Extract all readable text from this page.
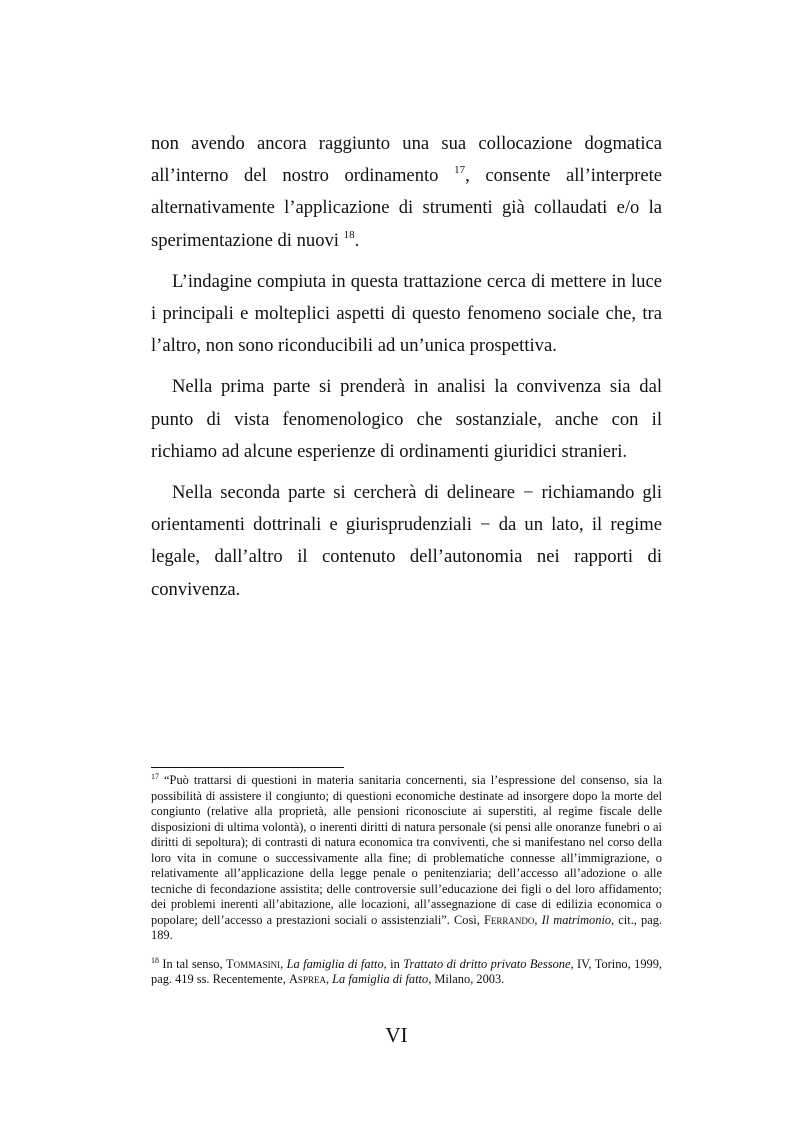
non avendo ancora raggiunto una sua collocazione dogmatica all’interno del nostro ordinamento $^{17}$, consente all’interprete alternativamente l’applicazione di strumenti già collaudati e/o la sperimentazione di nuovi $^{18}$.

L’indagine compiuta in questa trattazione cerca di mettere in luce i principali e molteplici aspetti di questo fenomeno sociale che, tra l’altro, non sono riconducibili ad un’unica prospettiva.

Nella prima parte si prenderà in analisi la convivenza sia dal punto di vista fenomenologico che sostanziale, anche con il richiamo ad alcune esperienze di ordinamenti giuridici stranieri.

Nella seconda parte si cercherà di delineare − richiamando gli orientamenti dottrinali e giurisprudenziali − da un lato, il regime legale, dall’altro il contenuto dell’autonomia nei rapporti di convivenza.

$^{17}$ “Può trattarsi di questioni in materia sanitaria concernenti, sia l’espressione del consenso, sia la possibilità di assistere il congiunto; di questioni economiche destinate ad insorgere dopo la morte del congiunto (relative alla proprietà, alle pensioni riconosciute ai superstiti, al regime fiscale delle disposizioni di ultima volontà), o inerenti diritti di natura personale (si pensi alle onoranze funebri o ai diritti di sepoltura); di contrasti di natura economica tra conviventi, che si manifestano nel corso della loro vita in comune o successivamente alla fine; di problematiche connesse all’immigrazione, o relativamente all’applicazione della legge penale o penitenziaria; dell’accesso all’adozione o alle tecniche di fecondazione assistita; delle controversie sull’educazione dei figli o del loro affidamento; dei problemi inerenti all’abitazione, alle locazioni, all’assegnazione di case di edilizia economica o popolare; dell’accesso a prestazioni sociali o assistenziali”. Così, Ferrando, Il matrimonio, cit., pag. 189.

$^{18}$ In tal senso, Tommasini, La famiglia di fatto, in Trattato di dritto privato Bessone, IV, Torino, 1999, pag. 419 ss. Recentemente, Asprea, La famiglia di fatto, Milano, 2003.

VI
